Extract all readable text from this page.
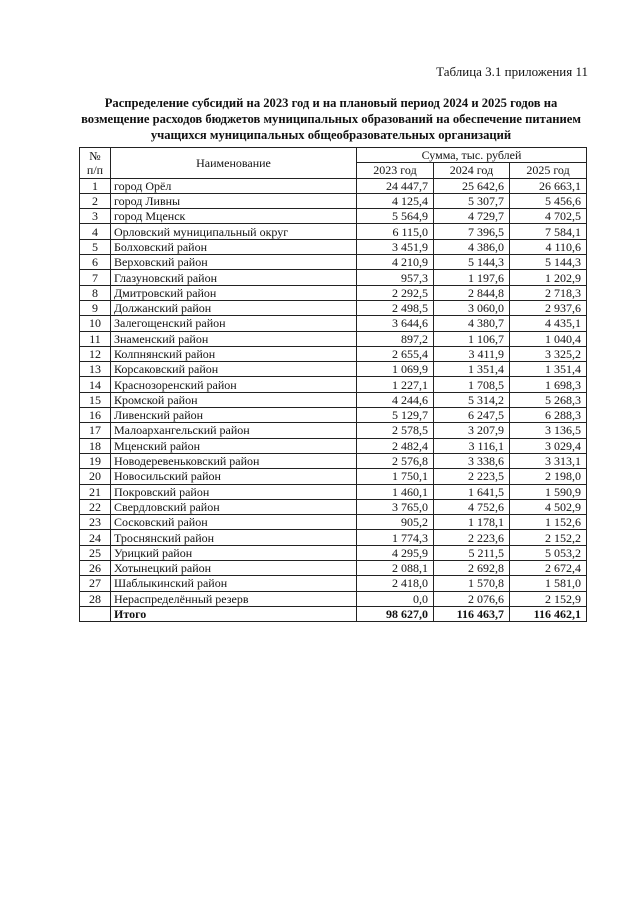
Таблица 3.1 приложения 11
Распределение субсидий на 2023 год и на плановый период 2024 и 2025 годов на
возмещение расходов бюджетов муниципальных образований на обеспечение питанием
учащихся муниципальных общеобразовательных организаций
№
п/п	Наименование	Сумма, тыс. рублей		
		2023 год	2024 год	2025 год
1	город Орёл	24 447,7	25 642,6	26 663,1
2	город Ливны	4 125,4	5 307,7	5 456,6
3	город Мценск	5 564,9	4 729,7	4 702,5
4	Орловский муниципальный округ	6 115,0	7 396,5	7 584,1
5	Болховский район	3 451,9	4 386,0	4 110,6
6	Верховский район	4 210,9	5 144,3	5 144,3
7	Глазуновский район	957,3	1 197,6	1 202,9
8	Дмитровский район	2 292,5	2 844,8	2 718,3
9	Должанский район	2 498,5	3 060,0	2 937,6
10	Залегощенский район	3 644,6	4 380,7	4 435,1
11	Знаменский район	897,2	1 106,7	1 040,4
12	Колпнянский район	2 655,4	3 411,9	3 325,2
13	Корсаковский район	1 069,9	1 351,4	1 351,4
14	Краснозоренский район	1 227,1	1 708,5	1 698,3
15	Кромской район	4 244,6	5 314,2	5 268,3
16	Ливенский район	5 129,7	6 247,5	6 288,3
17	Малоархангельский район	2 578,5	3 207,9	3 136,5
18	Мценский район	2 482,4	3 116,1	3 029,4
19	Новодеревеньковский район	2 576,8	3 338,6	3 313,1
20	Новосильский район	1 750,1	2 223,5	2 198,0
21	Покровский район	1 460,1	1 641,5	1 590,9
22	Свердловский район	3 765,0	4 752,6	4 502,9
23	Сосковский район	905,2	1 178,1	1 152,6
24	Троснянский район	1 774,3	2 223,6	2 152,2
25	Урицкий район	4 295,9	5 211,5	5 053,2
26	Хотынецкий район	2 088,1	2 692,8	2 672,4
27	Шаблыкинский район	2 418,0	1 570,8	1 581,0
28	Нераспределённый резерв	0,0	2 076,6	2 152,9
	Итого	98 627,0	116 463,7	116 462,1
